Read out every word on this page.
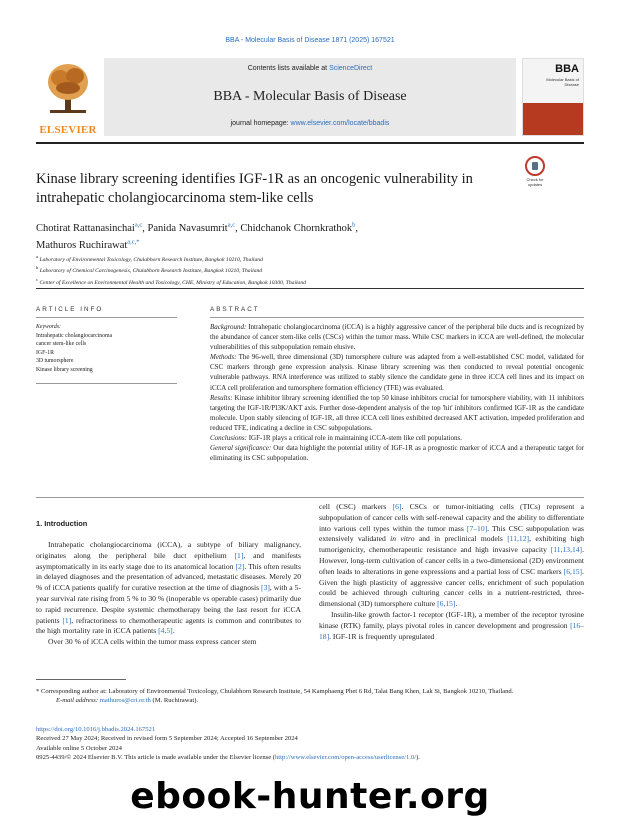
BBA - Molecular Basis of Disease 1871 (2025) 167521
ELSEVIER
Contents lists available at ScienceDirect
BBA - Molecular Basis of Disease
journal homepage: www.elsevier.com/locate/bbadis
BBA
Molecular Basis of Disease
Kinase library screening identifies IGF-1R as an oncogenic vulnerability in intrahepatic cholangiocarcinoma stem-like cells
Check for
updates
Chotirat Rattanasinchai$^{a,c}$, Panida Navasumrit$^{a,c}$, Chidchanok Chornkrathok$^b$,
Mathuros Ruchirawat$^{a,c,*}$
$^a$ Laboratory of Environmental Toxicology, Chulabhorn Research Institute, Bangkok 10210, Thailand
$^b$ Laboratory of Chemical Carcinogenesis, Chulabhorn Research Institute, Bangkok 10210, Thailand
$^c$ Center of Excellence on Environmental Health and Toxicology, CHE, Ministry of Education, Bangkok 10300, Thailand
ARTICLE INFO	ABSTRACT
Keywords:
Intrahepatic cholangiocarcinoma
cancer stem-like cells
IGF-1R
3D tumorsphere
Kinase library screening

Background: Intrahepatic cholangiocarcinoma (iCCA) is a highly aggressive cancer of the peripheral bile ducts and is recognized by the abundance of cancer stem-like cells (CSCs) within the tumor mass. While CSC markers in iCCA are well-defined, the molecular vulnerabilities of this subpopulation remain elusive.

Methods: The 96-well, three dimensional (3D) tumorsphere culture was adapted from a well-established CSC model, validated for CSC markers through gene expression analysis. Kinase library screening was then conducted to reveal potential oncogenic vulnerable pathways. RNA interference was utilized to stably silence the candidate gene in three iCCA cell lines and its impact on iCCA cell proliferation and tumorsphere formation efficiency (TFE) was evaluated.

Results: Kinase inhibitor library screening identified the top 50 kinase inhibitors crucial for tumorsphere viability, with 11 inhibitors targeting the IGF-1R/PI3K/AKT axis. Further dose-dependent analysis of the top 'hit' inhibitors confirmed IGF-1R as the candidate molecule. Upon stably silencing of IGF-1R, all three iCCA cell lines exhibited decreased AKT activation, impeded proliferation and reduced TFE, indicating a decline in CSC subpopulations.

Conclusions: IGF-1R plays a critical role in maintaining iCCA-stem like cell populations.

General significance: Our data highlight the potential utility of IGF-1R as a prognostic marker of iCCA and a therapeutic target for eliminating its CSC subpopulation.

1. Introduction

Intrahepatic cholangiocarcinoma (iCCA), a subtype of biliary malignancy, originates along the peripheral bile duct epithelium [1], and manifests asymptomatically in its early stage due to its anatomical location [2]. This often results in delayed diagnoses and the presentation of advanced, metastatic diseases. Merely 20 % of iCCA patients qualify for curative resection at the time of diagnosis [3], with a 5-year survival rate rising from 5 % to 30 % (inoperable vs operable cases) primarily due to rapid recurrence. Despite systemic chemotherapy being the last resort for iCCA patients [1], refractoriness to chemotherapeutic agents is common and contributes to the high mortality rate in iCCA patients [4,5].

Over 30 % of iCCA cells within the tumor mass express cancer stem

cell (CSC) markers [6]. CSCs or tumor-initiating cells (TICs) represent a subpopulation of cancer cells with self-renewal capacity and the ability to differentiate into various cell types within the tumor mass [7–10]. This CSC subpopulation was extensively validated in vitro and in preclinical models [11,12], exhibiting high tumorigenicity, chemotherapeutic resistance and high invasive capacity [11,13,14]. However, long-term cultivation of cancer cells in a two-dimensional (2D) environment often leads to alterations in gene expressions and a partial loss of CSC markers [6,15]. Given the high plasticity of aggressive cancer cells, enrichment of such population could be achieved through culturing cancer cells in a nutrient-restricted, three-dimensional (3D) tumorsphere culture [6,15].

Insulin-like growth factor-1 receptor (IGF-1R), a member of the receptor tyrosine kinase (RTK) family, plays pivotal roles in cancer development and progression [16–18]. IGF-1R is frequently upregulated

* Corresponding author at: Laboratory of Environmental Toxicology, Chulabhorn Research Institute, 54 Kamphaeng Phet 6 Rd, Talat Bang Khen, Lak Si, Bangkok 10210, Thailand.
E-mail address: mathuros@cri.or.th (M. Ruchirawat).
https://doi.org/10.1016/j.bbadis.2024.167521
Received 27 May 2024; Received in revised form 5 September 2024; Accepted 16 September 2024
Available online 5 October 2024
0925-4439/© 2024 Elsevier B.V. This article is made available under the Elsevier license (http://www.elsevier.com/open-access/userlicense/1.0/).
ebook-hunter.org
